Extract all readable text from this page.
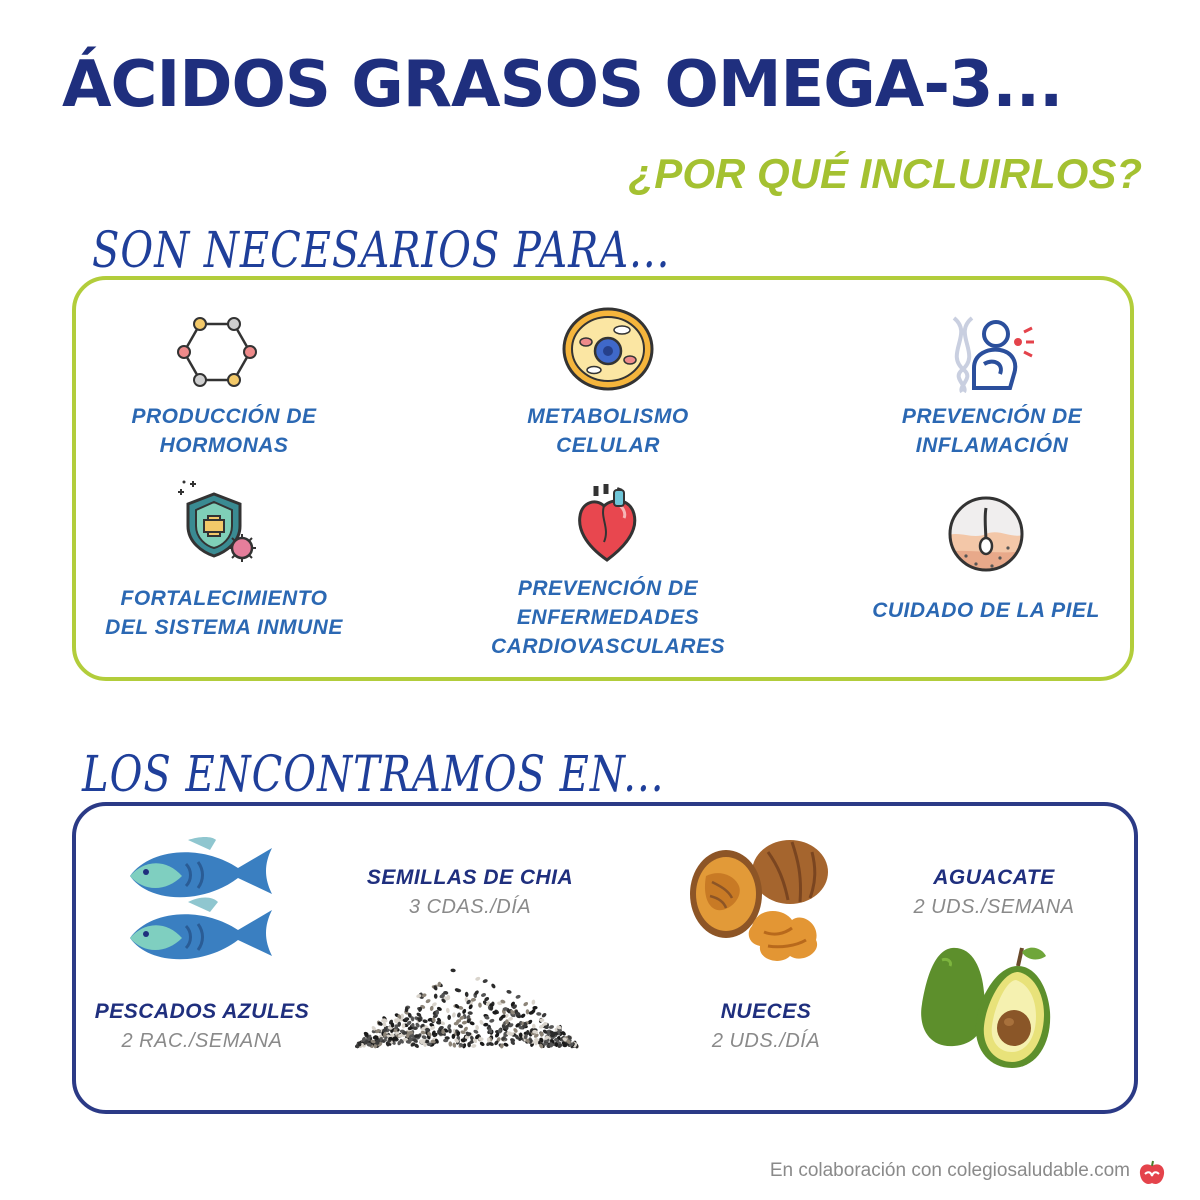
ÁCIDOS GRASOS OMEGA-3...
¿POR QUÉ INCLUIRLOS?
SON NECESARIOS PARA...
PRODUCCIÓN DE
HORMONAS
METABOLISMO
CELULAR
PREVENCIÓN DE
INFLAMACIÓN
FORTALECIMIENTO
DEL SISTEMA INMUNE
PREVENCIÓN DE
ENFERMEDADES
CARDIOVASCULARES
CUIDADO DE LA PIEL
LOS ENCONTRAMOS EN...
PESCADOS AZULES
2 RAC./SEMANA
SEMILLAS DE CHIA
3 CDAS./DÍA
NUECES
2 UDS./DÍA
AGUACATE
2 UDS./SEMANA
En colaboración con colegiosaludable.com
